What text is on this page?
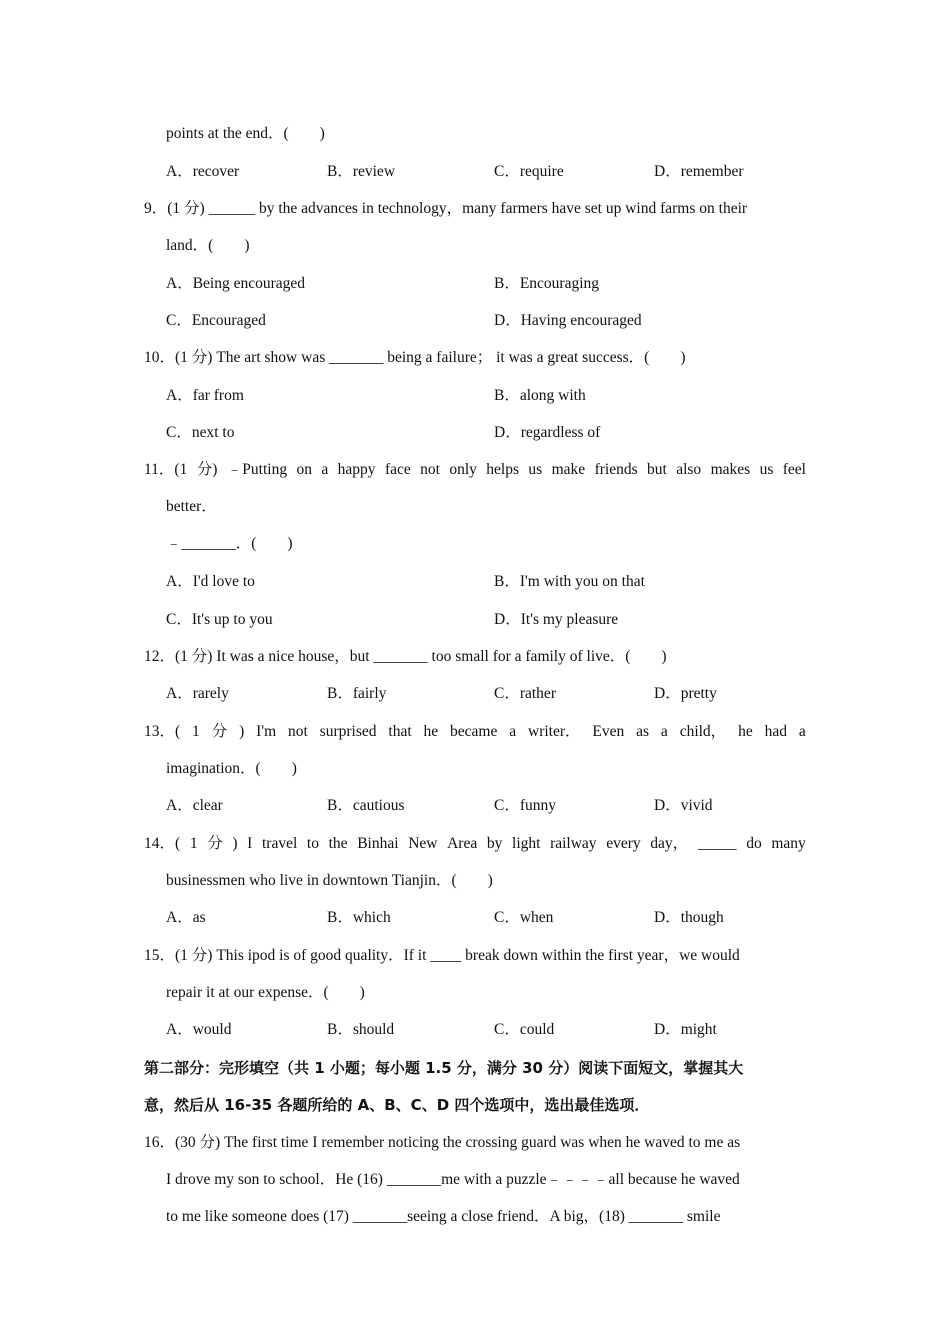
points at the end．(　　)
A．recover	B．review	C．require	D．remember
9．(1 分) ______ by the advances in technology，many farmers have set up wind farms on their
land．(　　)
A．Being encouraged	B．Encouraging
C．Encouraged	D．Having encouraged
10．(1 分) The art show was _______ being a failure； it was a great success．(　　)
A．far from	B．along with
C．next to	D．regardless of
11．(1 分) ﹣Putting on a happy face not only helps us make friends but also makes us feel
better．
﹣_______．(　　)
A．I'd love to	B．I'm with you on that
C．It's up to you	D．It's my pleasure
12．(1 分) It was a nice house，but _______ too small for a family of live．(　　)
A．rarely	B．fairly	C．rather	D．pretty
13．( 1 分 ) I'm not surprised that he became a writer． Even as a child， he had a
imagination．(　　)
A．clear	B．cautious	C．funny	D．vivid
14．( 1 分 ) I travel to the Binhai New Area by light railway every day， _____ do many
businessmen who live in downtown Tianjin．(　　)
A．as	B．which	C．when	D．though
15．(1 分) This ipod is of good quality．If it ____ break down within the first year，we would
repair it at our expense．(　　)
A．would	B．should	C．could	D．might
第二部分：完形填空（共 1 小题；每小题 1.5 分，满分 30 分）阅读下面短文，掌握其大
意，然后从 16-35 各题所给的 A、B、C、D 四个选项中，选出最佳选项．
16．(30 分) The first time I remember noticing the crossing guard was when he waved to me as
I drove my son to school．He (16) _______me with a puzzle﹣﹣﹣﹣all because he waved
to me like someone does (17) _______seeing a close friend．A big，(18) _______ smile
